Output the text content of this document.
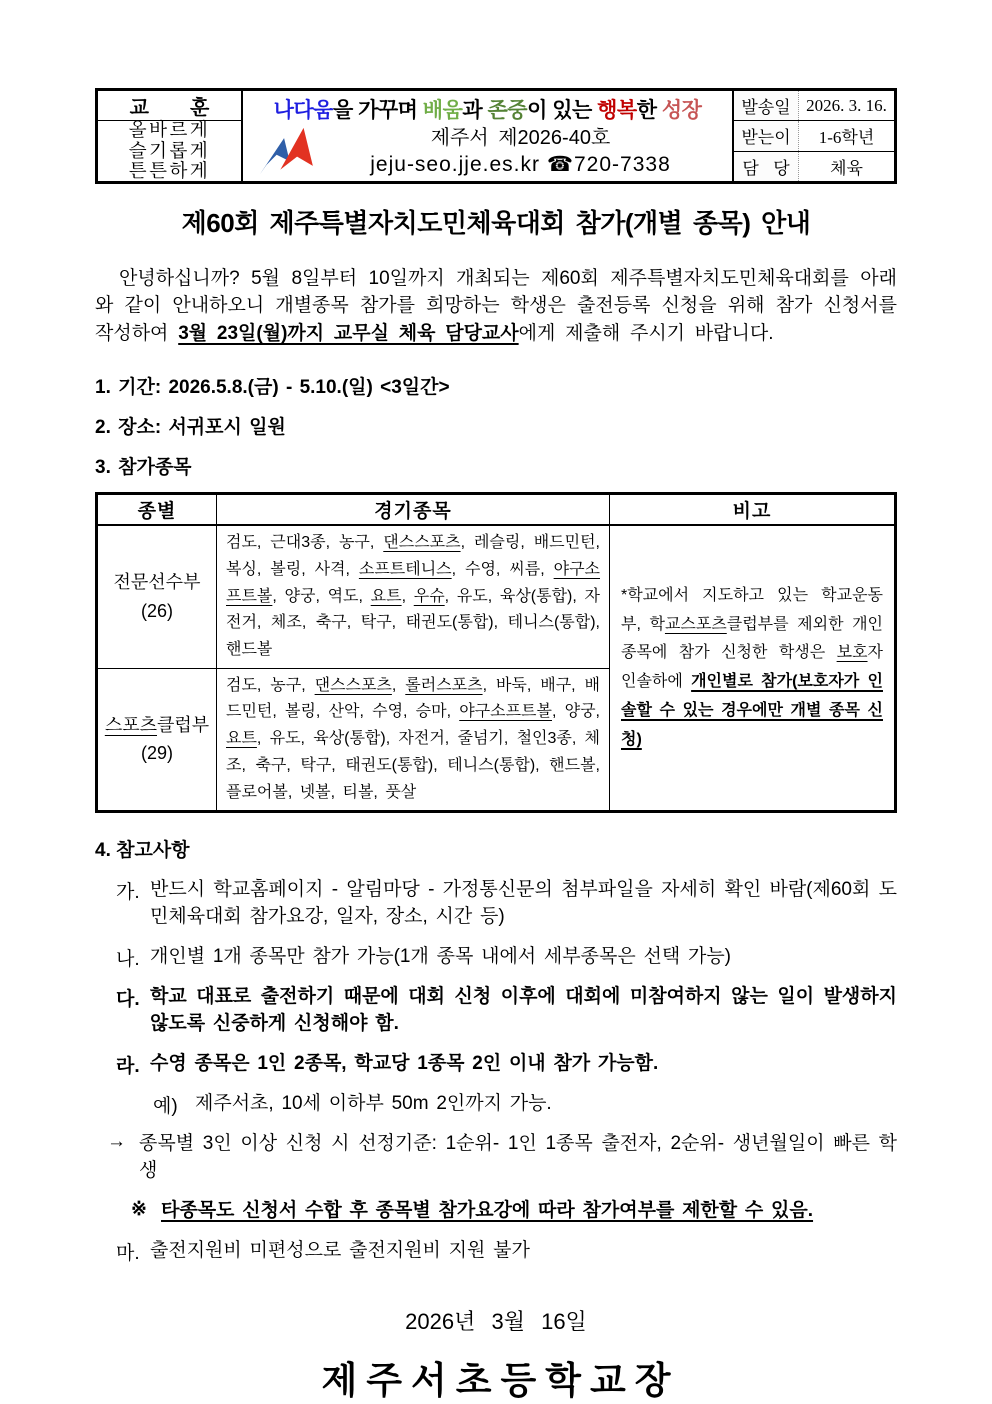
교 훈
올바르게
슬기롭게
튼튼하게
나다움을 가꾸며 배움과 존중이 있는 행복한 성장
제주서 제2026-40호
jeju-seo.jje.es.kr ☎720-7338
발송일 2026. 3. 16.
받는이	1-6학년
담 당	체육
제60회 제주특별자치도민체육대회 참가(개별 종목) 안내

안녕하십니까? 5월 8일부터 10일까지 개최되는 제60회 제주특별자치도민체육대회를 아래와 같이 안내하오니 개별종목 참가를 희망하는 학생은 출전등록 신청을 위해 참가 신청서를 작성하여 3월 23일(월)까지 교무실 체육 담당교사에게 제출해 주시기 바랍니다.

1. 기간: 2026.5.8.(금) - 5.10.(일) <3일간>
2. 장소: 서귀포시 일원
3. 참가종목
종별	경기종목	비고

전문선수부
(26)	검도, 근대3종, 농구, 댄스스포츠, 레슬링, 배드민턴, 복싱, 볼링, 사격, 소프트테니스, 수영, 씨름, 야구소프트볼, 양궁, 역도, 요트, 우슈, 유도, 육상(통합), 자전거, 체조, 축구, 탁구, 태권도(통합), 테니스(통합), 핸드볼	*학교에서 지도하고 있는 학교운동부, 학교스포츠클럽부를 제외한 개인 종목에 참가 신청한 학생은 보호자 인솔하에 개인별로 참가(보호자가 인솔할 수 있는 경우에만 개별 종목 신청)

스포츠클럽부
(29)	검도, 농구, 댄스스포츠, 롤러스포츠, 바둑, 배구, 배드민턴, 볼링, 산악, 수영, 승마, 야구소프트볼, 양궁, 요트, 유도, 육상(통합), 자전거, 줄넘기, 철인3종, 체조, 축구, 탁구, 태권도(통합), 테니스(통합), 핸드볼, 플로어볼, 넷볼, 티볼, 풋살	
4. 참고사항
가. 반드시 학교홈페이지 - 알림마당 - 가정통신문의 첨부파일을 자세히 확인 바람(제60회 도민체육대회 참가요강, 일자, 장소, 시간 등)
나. 개인별 1개 종목만 참가 가능(1개 종목 내에서 세부종목은 선택 가능)
다. 학교 대표로 출전하기 때문에 대회 신청 이후에 대회에 미참여하지 않는 일이 발생하지 않도록 신중하게 신청해야 함.
라. 수영 종목은 1인 2종목, 학교당 1종목 2인 이내 참가 가능함.
예) 제주서초, 10세 이하부 50m 2인까지 가능.
→ 종목별 3인 이상 신청 시 선정기준: 1순위- 1인 1종목 출전자, 2순위- 생년월일이 빠른 학생
※ 타종목도 신청서 수합 후 종목별 참가요강에 따라 참가여부를 제한할 수 있음.
마. 출전지원비 미편성으로 출전지원비 지원 불가
2026년 3월 16일
제주서초등학교장
